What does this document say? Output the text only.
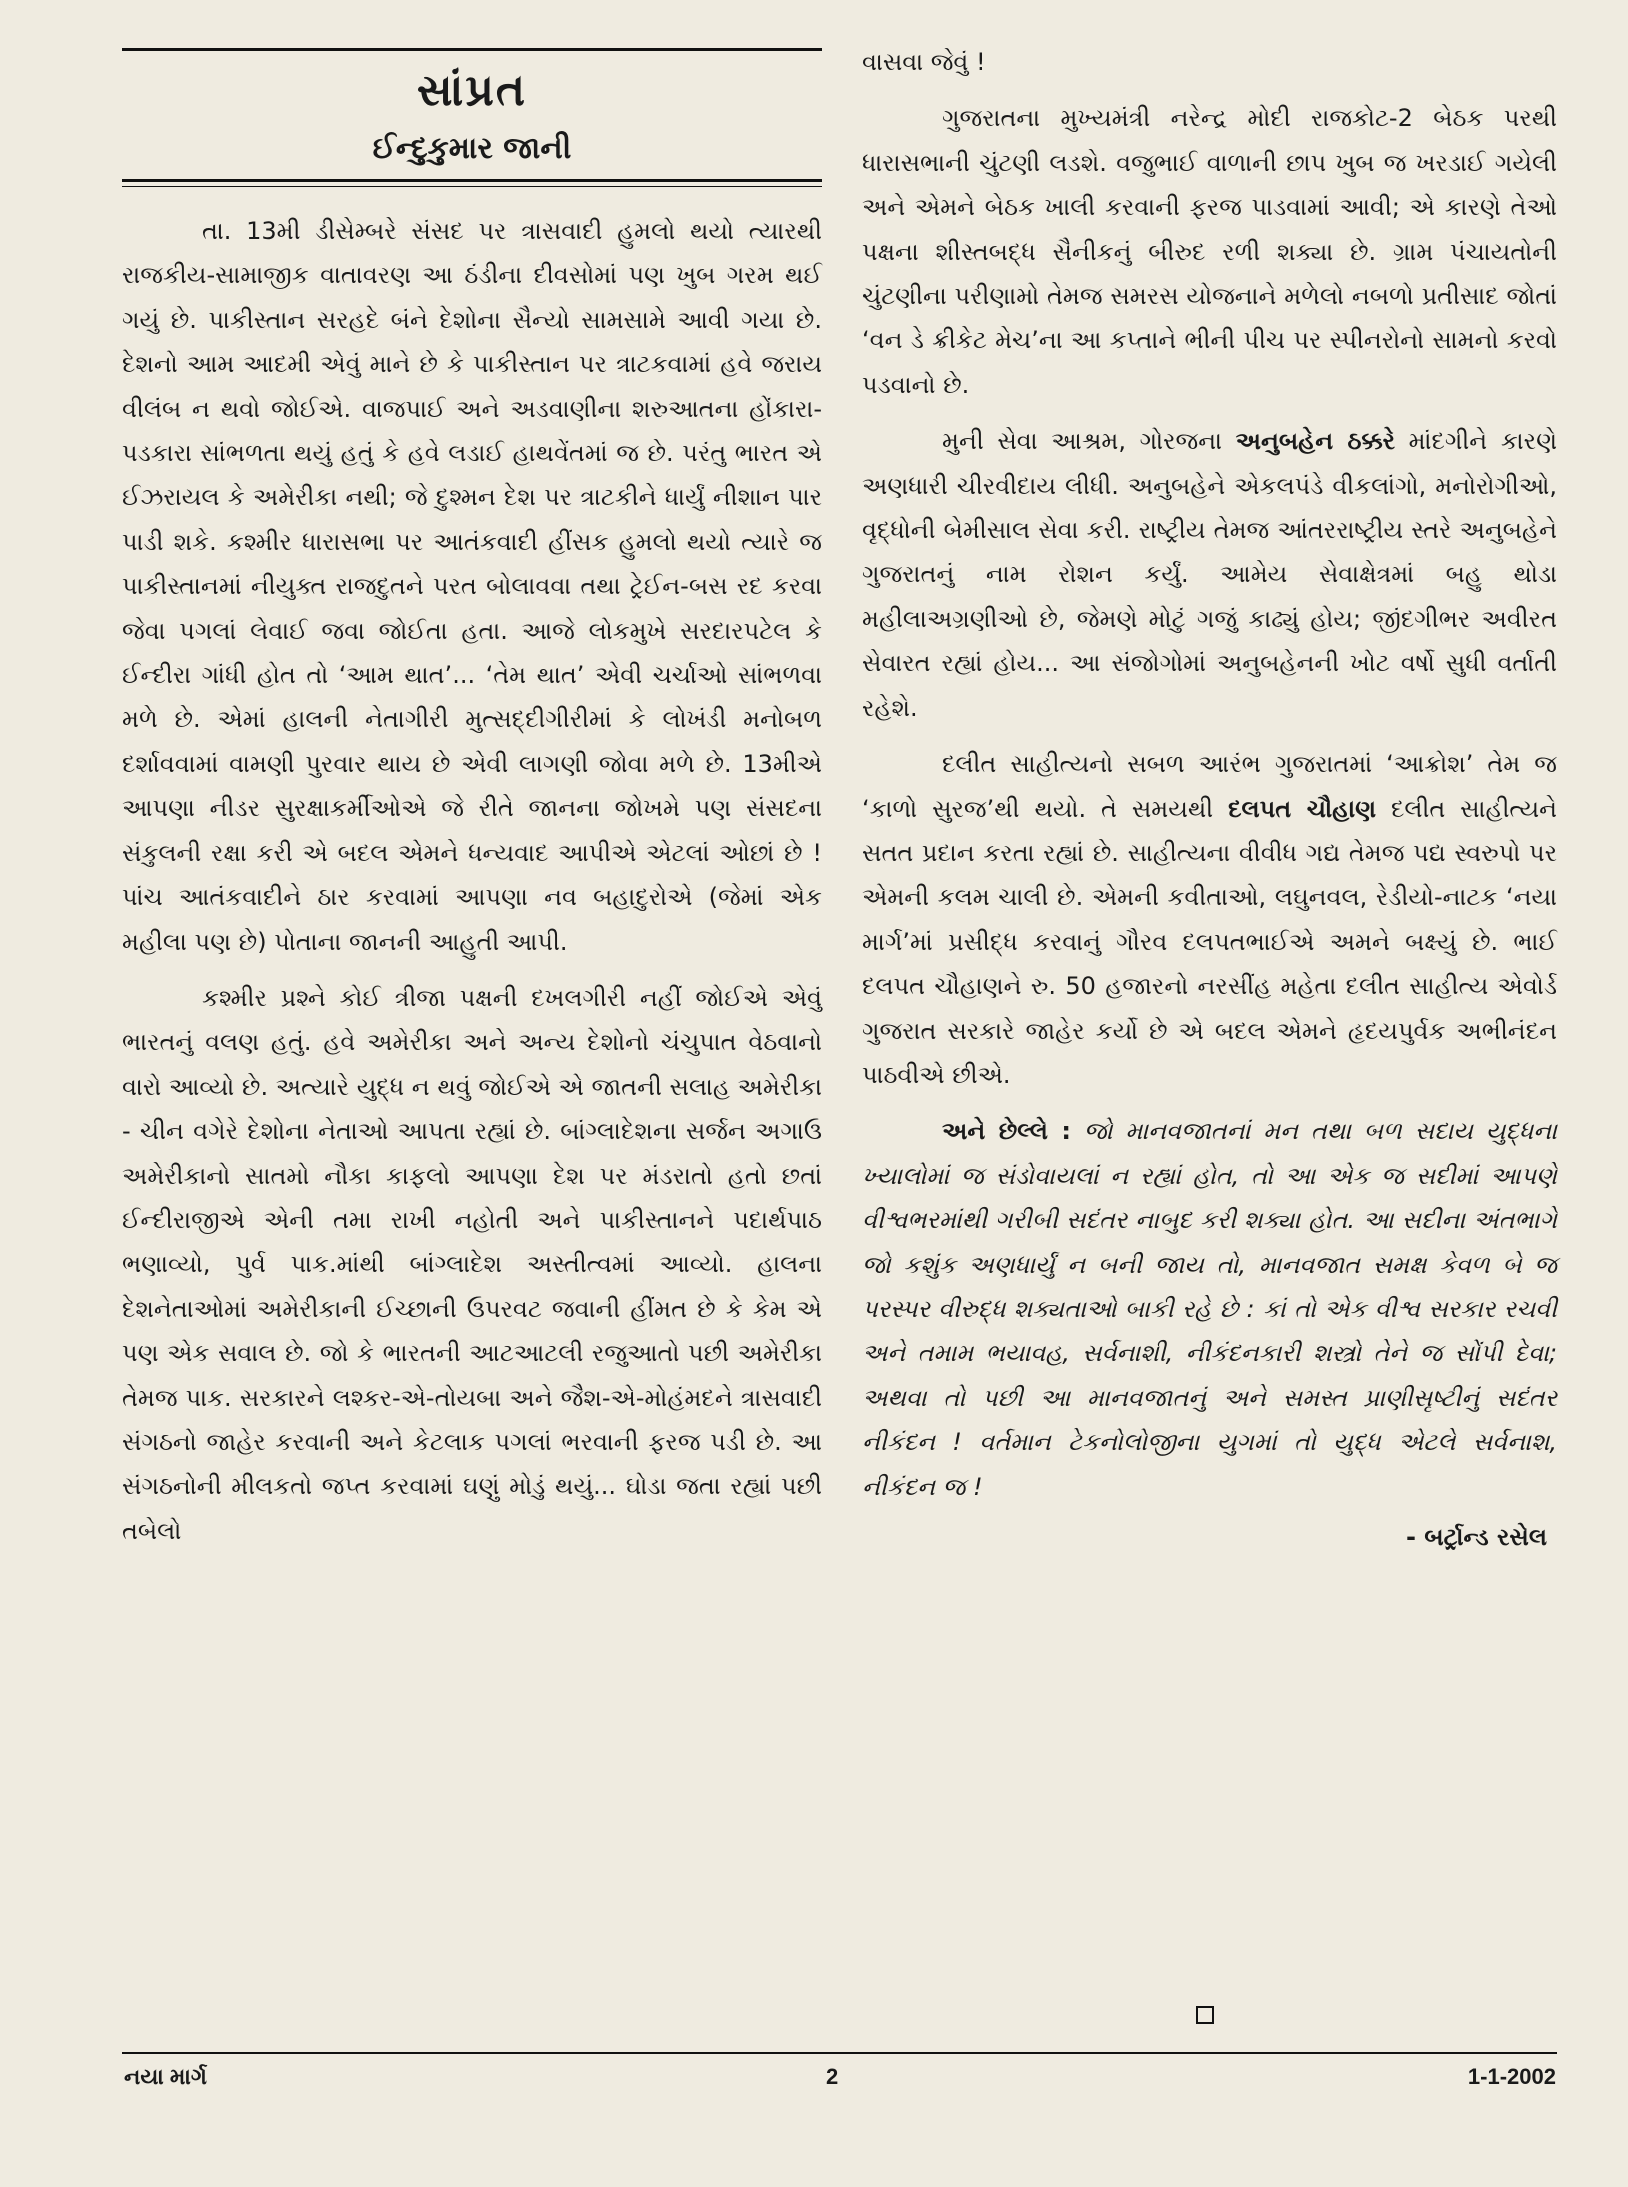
સાંપ્રત
ઈન્દુકુમાર જાની

તા. 13મી ડીસેમ્બરે સંસદ પર ત્રાસવાદી હુમલો થયો ત્યારથી રાજકીય-સામાજીક વાતાવરણ આ ઠંડીના દીવસોમાં પણ ખુબ ગરમ થઈ ગયું છે. પાકીસ્તાન સરહદે બંને દેશોના સૈન્યો સામસામે આવી ગયા છે. દેશનો આમ આદમી એવું માને છે કે પાકીસ્તાન પર ત્રાટકવામાં હવે જરાય વીલંબ ન થવો જોઈએ. વાજપાઈ અને અડવાણીના શરુઆતના હોંકારા-પડકારા સાંભળતા થયું હતું કે હવે લડાઈ હાથવેંતમાં જ છે. પરંતુ ભારત એ ઈઝરાયલ કે અમેરીકા નથી; જે દુશ્મન દેશ પર ત્રાટકીને ધાર્યું નીશાન પાર પાડી શકે. કશ્મીર ધારાસભા પર આતંકવાદી હીંસક હુમલો થયો ત્યારે જ પાકીસ્તાનમાં નીયુક્ત રાજદુતને પરત બોલાવવા તથા ટ્રેઈન-બસ રદ કરવા જેવા પગલાં લેવાઈ જવા જોઈતા હતા. આજે લોકમુખે સરદારપટેલ કે ઈન્દીરા ગાંધી હોત તો ‘આમ થાત’... ‘તેમ થાત’ એવી ચર્ચાઓ સાંભળવા મળે છે. એમાં હાલની નેતાગીરી મુત્સદ્દીગીરીમાં કે લોખંડી મનોબળ દર્શાવવામાં વામણી પુરવાર થાય છે એવી લાગણી જોવા મળે છે. 13મીએ આપણા નીડર સુરક્ષાકર્મીઓએ જે રીતે જાનના જોખમે પણ સંસદના સંકુલની રક્ષા કરી એ બદલ એમને ધન્યવાદ આપીએ એટલાં ઓછાં છે ! પાંચ આતંકવાદીને ઠાર કરવામાં આપણા નવ બહાદુરોએ (જેમાં એક મહીલા પણ છે) પોતાના જાનની આહુતી આપી.

કશ્મીર પ્રશ્ને કોઈ ત્રીજા પક્ષની દખલગીરી નહીં જોઈએ એવું ભારતનું વલણ હતું. હવે અમેરીકા અને અન્ય દેશોનો ચંચુપાત વેઠવાનો વારો આવ્યો છે. અત્યારે યુદ્ધ ન થવું જોઈએ એ જાતની સલાહ અમેરીકા - ચીન વગેરે દેશોના નેતાઓ આપતા રહ્યાં છે. બાંગ્લાદેશના સર્જન અગાઉ અમેરીકાનો સાતમો નૌકા કાફલો આપણા દેશ પર મંડરાતો હતો છતાં ઈન્દીરાજીએ એની તમા રાખી નહોતી અને પાકીસ્તાનને પદાર્થપાઠ ભણાવ્યો, પુર્વ પાક.માંથી બાંગ્લાદેશ અસ્તીત્વમાં આવ્યો. હાલના દેશનેતાઓમાં અમેરીકાની ઈચ્છાની ઉપરવટ જવાની હીંમત છે કે કેમ એ પણ એક સવાલ છે. જો કે ભારતની આટઆટલી રજુઆતો પછી અમેરીકા તેમજ પાક. સરકારને લશ્કર-એ-તોયબા અને જૈશ-એ-મોહંમદને ત્રાસવાદી સંગઠનો જાહેર કરવાની અને કેટલાક પગલાં ભરવાની ફરજ પડી છે. આ સંગઠનોની મીલકતો જપ્ત કરવામાં ઘણું મોડું થયું... ઘોડા જતા રહ્યાં પછી તબેલો

વાસવા જેવું !

ગુજરાતના મુખ્યમંત્રી નરેન્દ્ર મોદી રાજકોટ-2 બેઠક પરથી ધારાસભાની ચુંટણી લડશે. વજુભાઈ વાળાની છાપ ખુબ જ ખરડાઈ ગયેલી અને એમને બેઠક ખાલી કરવાની ફરજ પાડવામાં આવી; એ કારણે તેઓ પક્ષના શીસ્તબદ્ધ સૈનીકનું બીરુદ રળી શક્યા છે. ગ્રામ પંચાયતોની ચુંટણીના પરીણામો તેમજ સમરસ યોજનાને મળેલો નબળો પ્રતીસાદ જોતાં ‘વન ડે ક્રીકેટ મેચ’ના આ કપ્તાને ભીની પીચ પર સ્પીનરોનો સામનો કરવો પડવાનો છે.

મુની સેવા આશ્રમ, ગોરજના અનુબહેન ઠક્કરે માંદગીને કારણે અણધારી ચીરવીદાય લીધી. અનુબહેને એકલપંડે વીકલાંગો, મનોરોગીઓ, વૃદ્ધોની બેમીસાલ સેવા કરી. રાષ્ટ્રીય તેમજ આંતરરાષ્ટ્રીય સ્તરે અનુબહેને ગુજરાતનું નામ રોશન કર્યું. આમેય સેવાક્ષેત્રમાં બહુ થોડા મહીલાઅગ્રણીઓ છે, જેમણે મોટું ગજું કાઢ્યું હોય; જીંદગીભર અવીરત સેવારત રહ્યાં હોય... આ સંજોગોમાં અનુબહેનની ખોટ વર્ષો સુધી વર્તાતી રહેશે.

દલીત સાહીત્યનો સબળ આરંભ ગુજરાતમાં ‘આક્રોશ’ તેમ જ ‘કાળો સુરજ’થી થયો. તે સમયથી દલપત ચૌહાણ દલીત સાહીત્યને સતત પ્રદાન કરતા રહ્યાં છે. સાહીત્યના વીવીધ ગદ્ય તેમજ પદ્ય સ્વરુપો પર એમની કલમ ચાલી છે. એમની કવીતાઓ, લઘુનવલ, રેડીયો-નાટક ‘નયા માર્ગ’માં પ્રસીદ્ધ કરવાનું ગૌરવ દલપતભાઈએ અમને બક્ષ્યું છે. ભાઈ દલપત ચૌહાણને રુ. 50 હજારનો નરસીંહ મહેતા દલીત સાહીત્ય એવોર્ડ ગુજરાત સરકારે જાહેર કર્યો છે એ બદલ એમને હૃદયપુર્વક અભીનંદન પાઠવીએ છીએ.

અને છેલ્લે : જો માનવજાતનાં મન તથા બળ સદાય યુદ્ધના ખ્યાલોમાં જ સંડોવાયલાં ન રહ્યાં હોત, તો આ એક જ સદીમાં આપણે વીશ્વભરમાંથી ગરીબી સદંતર નાબુદ કરી શક્યા હોત. આ સદીના અંતભાગે જો કશુંક અણધાર્યું ન બની જાય તો, માનવજાત સમક્ષ કેવળ બે જ પરસ્પર વીરુદ્ધ શક્યતાઓ બાકી રહે છે : કાં તો એક વીશ્વ સરકાર રચવી અને તમામ ભયાવહ, સર્વનાશી, નીકંદનકારી શસ્ત્રો તેને જ સોંપી દેવા; અથવા તો પછી આ માનવજાતનું અને સમસ્ત પ્રાણીસૃષ્ટીનું સદંતર નીકંદન ! વર્તમાન ટેકનોલોજીના યુગમાં તો યુદ્ધ એટલે સર્વનાશ, નીકંદન જ !

- બર્ટ્રાન્ડ રસેલ
નયા માર્ગ	2	1-1-2002
